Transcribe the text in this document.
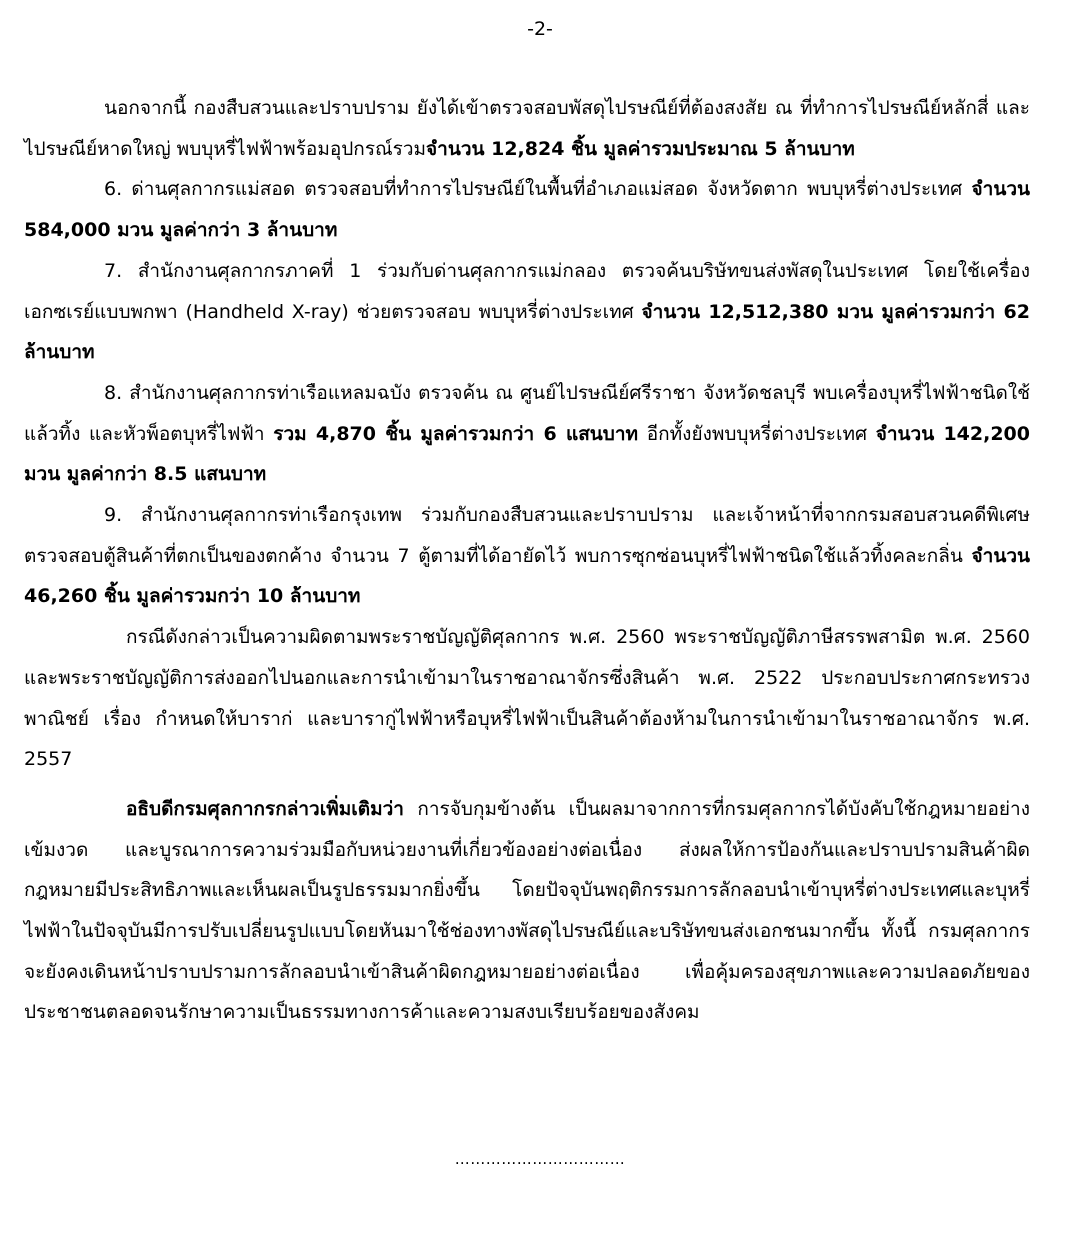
-2-

นอกจากนี้ กองสืบสวนและปราบปราม ยังได้เข้าตรวจสอบพัสดุไปรษณีย์ที่ต้องสงสัย ณ ที่ทำการไปรษณีย์หลักสี่ และไปรษณีย์หาดใหญ่ พบบุหรี่ไฟฟ้าพร้อมอุปกรณ์รวมจำนวน 12,824 ชิ้น มูลค่ารวมประมาณ 5 ล้านบาท

6. ด่านศุลกากรแม่สอด ตรวจสอบที่ทำการไปรษณีย์ในพื้นที่อำเภอแม่สอด จังหวัดตาก พบบุหรี่ต่างประเทศ จำนวน 584,000 มวน มูลค่ากว่า 3 ล้านบาท

7. สำนักงานศุลกากรภาคที่ 1 ร่วมกับด่านศุลกากรแม่กลอง ตรวจค้นบริษัทขนส่งพัสดุในประเทศ โดยใช้เครื่องเอกซเรย์แบบพกพา (Handheld X-ray) ช่วยตรวจสอบ พบบุหรี่ต่างประเทศ จำนวน 12,512,380 มวน มูลค่ารวมกว่า 62 ล้านบาท

8. สำนักงานศุลกากรท่าเรือแหลมฉบัง ตรวจค้น ณ ศูนย์ไปรษณีย์ศรีราชา จังหวัดชลบุรี พบเครื่องบุหรี่ไฟฟ้าชนิดใช้แล้วทิ้ง และหัวพ็อตบุหรี่ไฟฟ้า รวม 4,870 ชิ้น มูลค่ารวมกว่า 6 แสนบาท อีกทั้งยังพบบุหรี่ต่างประเทศ จำนวน 142,200 มวน มูลค่ากว่า 8.5 แสนบาท

9. สำนักงานศุลกากรท่าเรือกรุงเทพ ร่วมกับกองสืบสวนและปราบปราม และเจ้าหน้าที่จากกรมสอบสวนคดีพิเศษ ตรวจสอบตู้สินค้าที่ตกเป็นของตกค้าง จำนวน 7 ตู้ตามที่ได้อายัดไว้ พบการซุกซ่อนบุหรี่ไฟฟ้าชนิดใช้แล้วทิ้งคละกลิ่น จำนวน 46,260 ชิ้น มูลค่ารวมกว่า 10 ล้านบาท

กรณีดังกล่าวเป็นความผิดตามพระราชบัญญัติศุลกากร พ.ศ. 2560 พระราชบัญญัติภาษีสรรพสามิต พ.ศ. 2560 และพระราชบัญญัติการส่งออกไปนอกและการนำเข้ามาในราชอาณาจักรซึ่งสินค้า พ.ศ. 2522 ประกอบประกาศกระทรวงพาณิชย์ เรื่อง กำหนดให้บาราก่ และบารากู่ไฟฟ้าหรือบุหรี่ไฟฟ้าเป็นสินค้าต้องห้ามในการนำเข้ามาในราชอาณาจักร พ.ศ. 2557

อธิบดีกรมศุลกากรกล่าวเพิ่มเติมว่า การจับกุมข้างต้น เป็นผลมาจากการที่กรมศุลกากรได้บังคับใช้กฎหมายอย่างเข้มงวด และบูรณาการความร่วมมือกับหน่วยงานที่เกี่ยวข้องอย่างต่อเนื่อง ส่งผลให้การป้องกันและปราบปรามสินค้าผิดกฎหมายมีประสิทธิภาพและเห็นผลเป็นรูปธรรมมากยิ่งขึ้น โดยปัจจุบันพฤติกรรมการลักลอบนำเข้าบุหรี่ต่างประเทศและบุหรี่ไฟฟ้าในปัจจุบันมีการปรับเปลี่ยนรูปแบบโดยหันมาใช้ช่องทางพัสดุไปรษณีย์และบริษัทขนส่งเอกชนมากขึ้น ทั้งนี้ กรมศุลกากรจะยังคงเดินหน้าปราบปรามการลักลอบนำเข้าสินค้าผิดกฎหมายอย่างต่อเนื่อง เพื่อคุ้มครองสุขภาพและความปลอดภัยของประชาชนตลอดจนรักษาความเป็นธรรมทางการค้าและความสงบเรียบร้อยของสังคม

……………………………
